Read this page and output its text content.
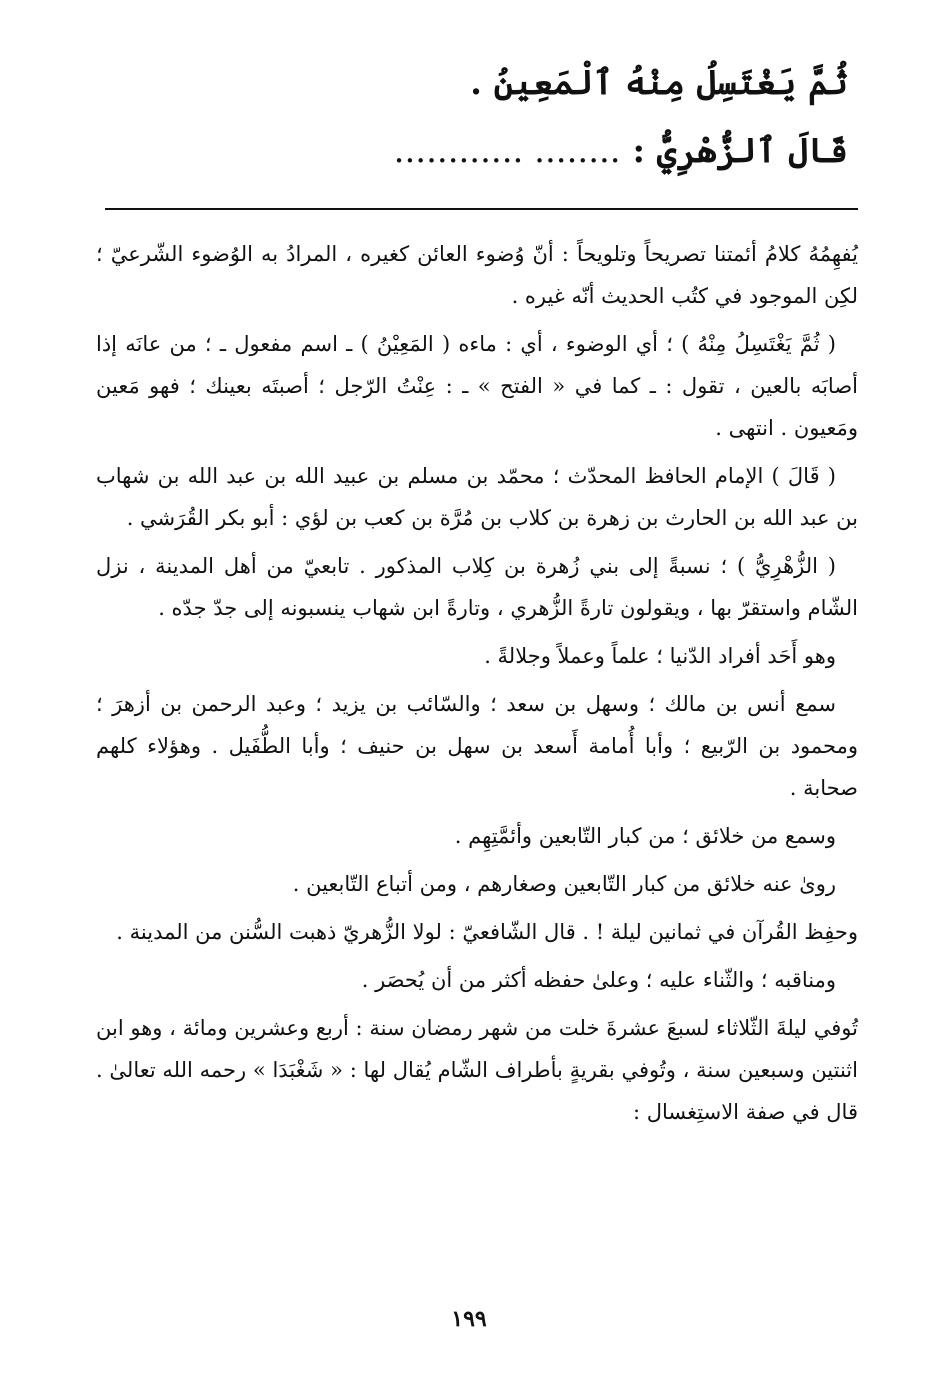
ثُمَّ يَغْتَسِلُ مِنْهُ ٱلْمَعِينُ .
قَالَ ٱلزُّهْرِيُّ : ........ ............

يُفهِمُهُ كلامُ أئمتنا تصريحاً وتلويحاً : أنّ وُضوء العائن كغيره ، المرادُ به الوُضوء الشّرعيّ ؛ لكِن الموجود في كتُب الحديث أنّه غيره .

( ثُمَّ يَغْتَسِلُ مِنْهُ ) ؛ أي الوضوء ، أي : ماءه ( المَعِيْنُ ) ـ اسم مفعول ـ ؛ من عانَه إذا أصابَه بالعين ، تقول : ـ كما في « الفتح » ـ : عِنْتُ الرّجل ؛ أصبتَه بعينك ؛ فهو مَعين ومَعيون . انتهى .

( قَالَ ) الإمام الحافظ المحدّث ؛ محمّد بن مسلم بن عبيد الله بن عبد الله بن شهاب بن عبد الله بن الحارث بن زهرة بن كلاب بن مُرَّة بن كعب بن لؤي : أبو بكر القُرَشي .

( الزُّهْرِيُّ ) ؛ نسبةً إلى بني زُهرة بن كِلاب المذكور . تابعيّ من أهل المدينة ، نزل الشّام واستقرّ بها ، ويقولون تارةً الزُّهري ، وتارةً ابن شهاب ينسبونه إلى جدّ جدّه .

وهو أَحَد أفراد الدّنيا ؛ علماً وعملاً وجلالةً .

سمع أنس بن مالك ؛ وسهل بن سعد ؛ والسّائب بن يزيد ؛ وعبد الرحمن بن أزهرَ ؛ ومحمود بن الرّبيع ؛ وأبا أُمامة أَسعد بن سهل بن حنيف ؛ وأبا الطُّفَيل . وهؤلاء كلهم صحابة .

وسمع من خلائق ؛ من كبار التّابعين وأئمَّتِهِم .

روىٰ عنه خلائق من كبار التّابعين وصغارهم ، ومن أتباع التّابعين .

وحفِظ القُرآن في ثمانين ليلة ! . قال الشّافعيّ : لولا الزُّهريّ ذهبت السُّنن من المدينة .

ومناقبه ؛ والثّناء عليه ؛ وعلىٰ حفظه أكثر من أن يُحصَر .

تُوفي ليلةَ الثّلاثاء لسبعَ عشرةَ خلت من شهر رمضان سنة : أربع وعشرين ومائة ، وهو ابن اثنتين وسبعين سنة ، وتُوفي بقريةٍ بأطراف الشّام يُقال لها : « شَغْبَدَا » رحمه الله تعالىٰ . قال في صفة الاستِغسال :

١٩٩
